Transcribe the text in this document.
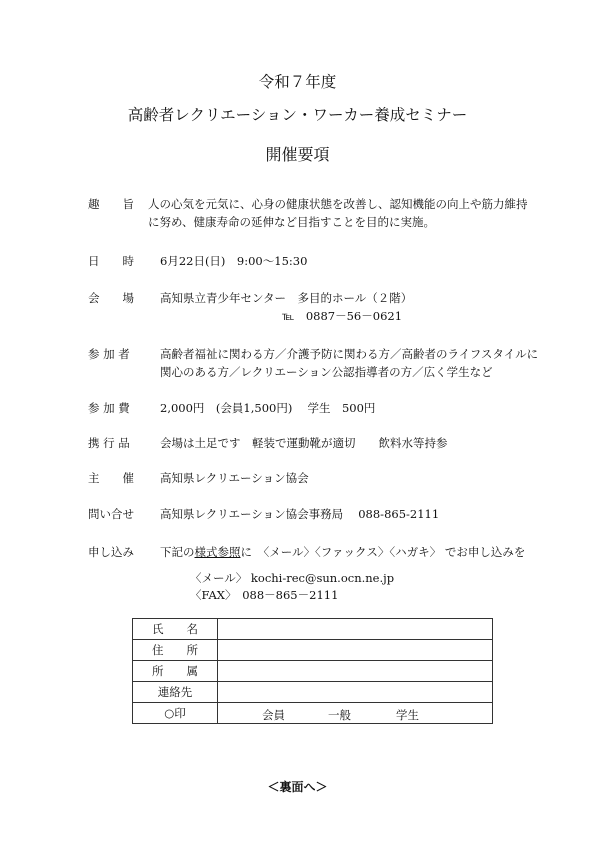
令和７年度
高齢者レクリエーション・ワーカー養成セミナー
開催要項
趣　　旨 人の心気を元気に、心身の健康状態を改善し、認知機能の向上や筋力維持
に努め、健康寿命の延伸など目指すことを目的に実施。
日　　時 6月22日(日)　9:00～15:30
会　　場 高知県立青少年センター　多目的ホール（２階）
℡　0887－56－0621
参 加 者	高齢者福祉に関わる方／介護予防に関わる方／高齢者のライフスタイルに
関心のある方／レクリエーション公認指導者の方／広く学生など
参 加 費	2,000円　(会員1,500円)　 学生　500円
携 行 品	会場は土足です　軽装で運動靴が適切　　飲料水等持参
主　　催 高知県レクリエーション協会
問い合せ 高知県レクリエーション協会事務局　 088-865-2111
申し込み 下記の様式参照に　〈メール〉〈ファックス〉〈ハガキ〉 でお申し込みを
〈メール〉 kochi-rec@sun.ocn.ne.jp
〈FAX〉　088－865－2111
氏　　名	
住　　所	
所　　属	
連絡先	
○印	会員 一般 学生
＜裏面へ＞
